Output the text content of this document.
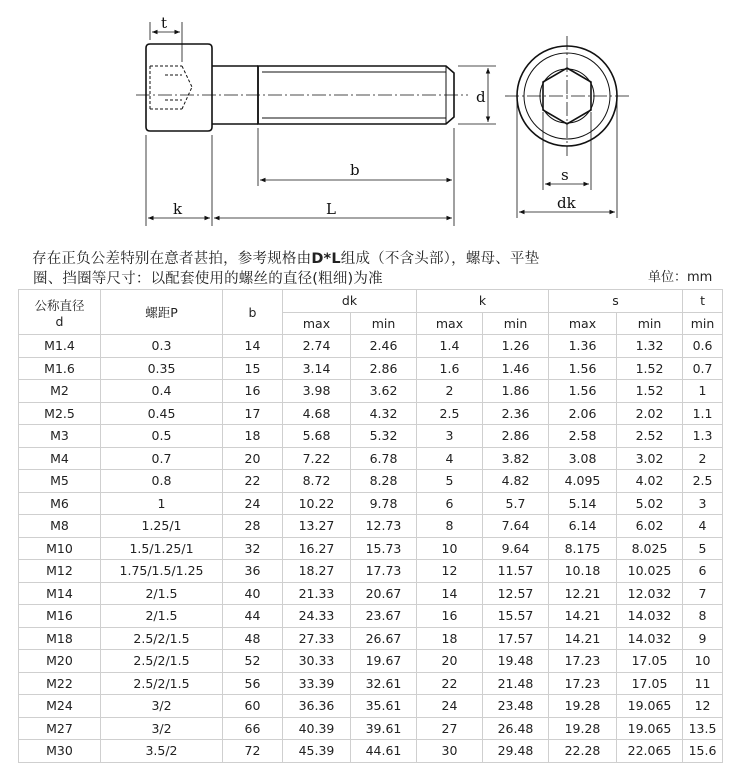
t
k	L
b
d
s
dk
存在正负公差特别在意者甚拍，参考规格由D*L组成（不含头部），螺母、平垫
圈、挡圈等尺寸：以配套使用的螺丝的直径(粗细)为准	单位：mm
公称直径
d	螺距P	b	dk		k		s		t
			max	min	max	min	max	min	min
M1.4	0.3	14	2.74	2.46	1.4	1.26	1.36	1.32	0.6
M1.6	0.35	15	3.14	2.86	1.6	1.46	1.56	1.52	0.7
M2	0.4	16	3.98	3.62	2	1.86	1.56	1.52	1
M2.5	0.45	17	4.68	4.32	2.5	2.36	2.06	2.02	1.1
M3	0.5	18	5.68	5.32	3	2.86	2.58	2.52	1.3
M4	0.7	20	7.22	6.78	4	3.82	3.08	3.02	2
M5	0.8	22	8.72	8.28	5	4.82	4.095	4.02	2.5
M6	1	24	10.22	9.78	6	5.7	5.14	5.02	3
M8	1.25/1	28	13.27	12.73	8	7.64	6.14	6.02	4
M10	1.5/1.25/1	32	16.27	15.73	10	9.64	8.175	8.025	5
M12	1.75/1.5/1.25	36	18.27	17.73	12	11.57	10.18	10.025	6
M14	2/1.5	40	21.33	20.67	14	12.57	12.21	12.032	7
M16	2/1.5	44	24.33	23.67	16	15.57	14.21	14.032	8
M18	2.5/2/1.5	48	27.33	26.67	18	17.57	14.21	14.032	9
M20	2.5/2/1.5	52	30.33	19.67	20	19.48	17.23	17.05	10
M22	2.5/2/1.5	56	33.39	32.61	22	21.48	17.23	17.05	11
M24	3/2	60	36.36	35.61	24	23.48	19.28	19.065	12
M27	3/2	66	40.39	39.61	27	26.48	19.28	19.065	13.5
M30	3.5/2	72	45.39	44.61	30	29.48	22.28	22.065	15.6
